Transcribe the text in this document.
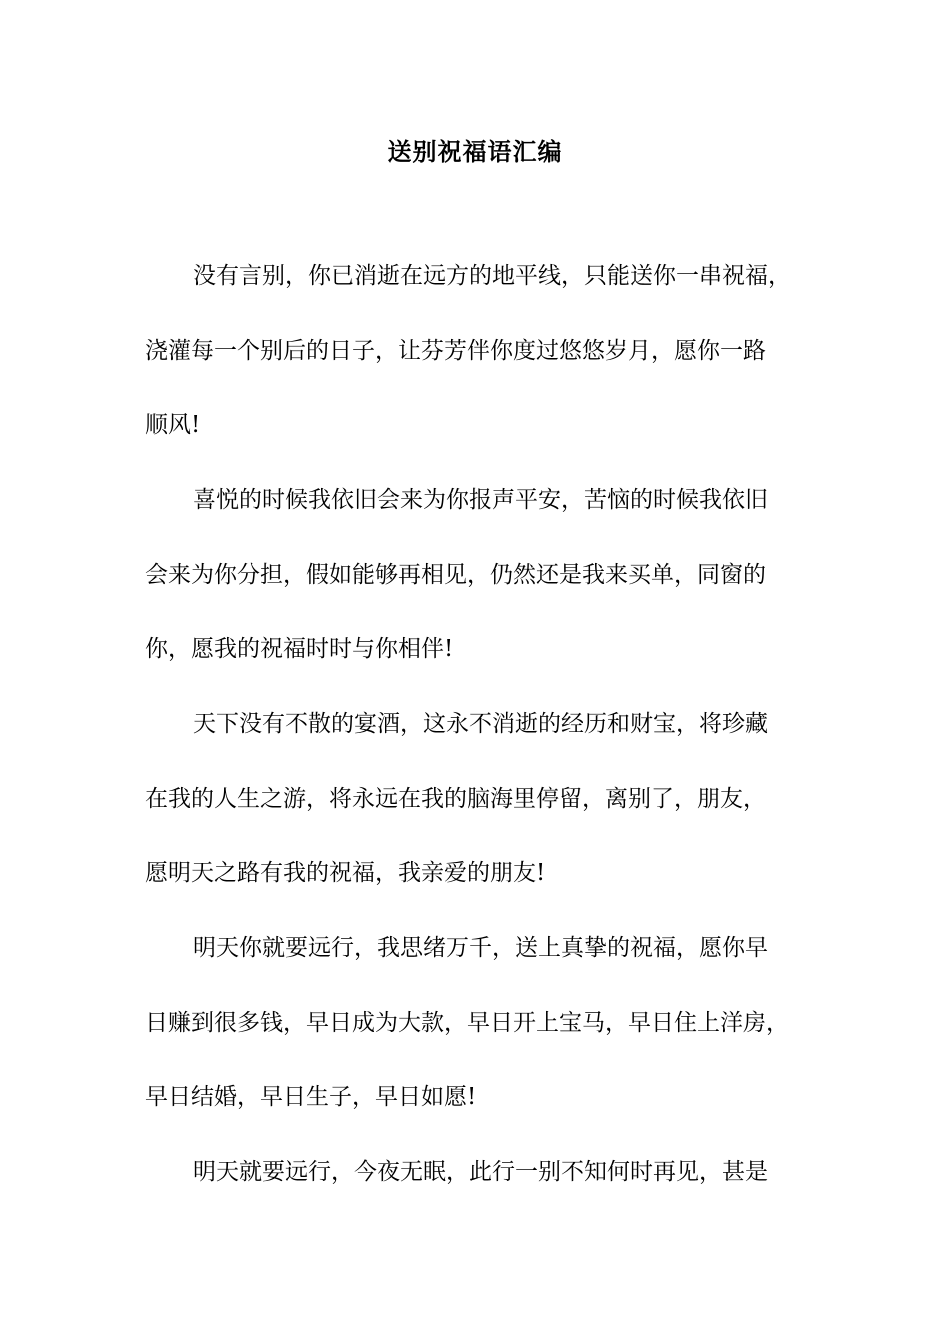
送别祝福语汇编
没有言别，你已消逝在远方的地平线，只能送你一串祝福，
浇灌每一个别后的日子，让芬芳伴你度过悠悠岁月，愿你一路
顺风!
喜悦的时候我依旧会来为你报声平安，苦恼的时候我依旧
会来为你分担，假如能够再相见，仍然还是我来买单，同窗的
你，愿我的祝福时时与你相伴!
天下没有不散的宴酒，这永不消逝的经历和财宝，将珍藏
在我的人生之游，将永远在我的脑海里停留，离别了，朋友，
愿明天之路有我的祝福，我亲爱的朋友!
明天你就要远行，我思绪万千，送上真挚的祝福，愿你早
日赚到很多钱，早日成为大款，早日开上宝马，早日住上洋房，
早日结婚，早日生子，早日如愿!
明天就要远行，今夜无眠，此行一别不知何时再见，甚是
